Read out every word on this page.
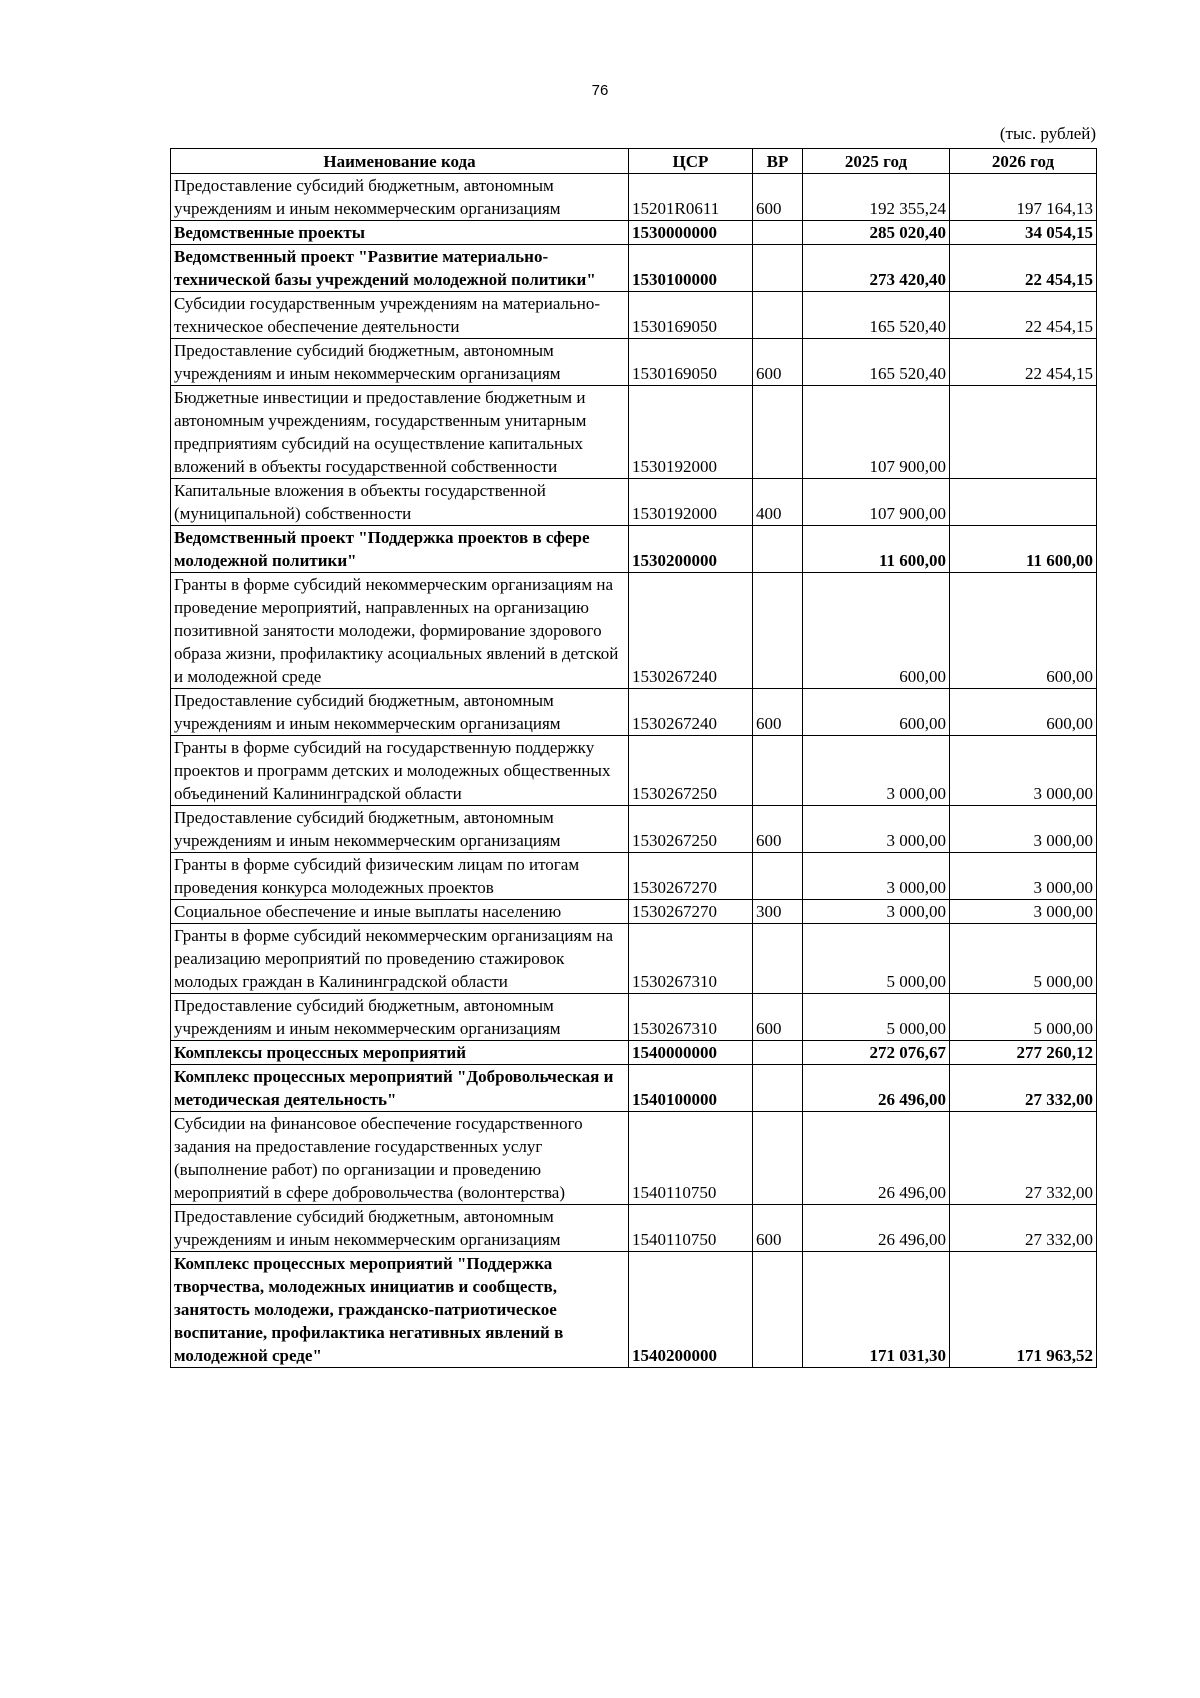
76
(тыс. рублей)
Наименование кода	ЦСР	ВР	2025 год	2026 год
Предоставление субсидий бюджетным, автономным учреждениям и иным некоммерческим организациям	15201R0611	600	192 355,24	197 164,13
Ведомственные проекты	1530000000		285 020,40	34 054,15
Ведомственный проект "Развитие материально-технической базы учреждений молодежной политики"	1530100000		273 420,40	22 454,15
Субсидии государственным учреждениям на материально-техническое обеспечение деятельности	1530169050		165 520,40	22 454,15
Предоставление субсидий бюджетным, автономным учреждениям и иным некоммерческим организациям	1530169050	600	165 520,40	22 454,15
Бюджетные инвестиции и предоставление бюджетным и автономным учреждениям, государственным унитарным предприятиям субсидий на осуществление капитальных вложений в объекты государственной собственности	1530192000		107 900,00	
Капитальные вложения в объекты государственной (муниципальной) собственности	1530192000	400	107 900,00	
Ведомственный проект "Поддержка проектов в сфере молодежной политики"	1530200000		11 600,00	11 600,00
Гранты в форме субсидий некоммерческим организациям на проведение мероприятий, направленных на организацию позитивной занятости молодежи, формирование здорового образа жизни, профилактику асоциальных явлений в детской и молодежной среде	1530267240		600,00	600,00
Предоставление субсидий бюджетным, автономным учреждениям и иным некоммерческим организациям	1530267240	600	600,00	600,00
Гранты в форме субсидий на государственную поддержку проектов и программ детских и молодежных общественных объединений Калининградской области	1530267250		3 000,00	3 000,00
Предоставление субсидий бюджетным, автономным учреждениям и иным некоммерческим организациям	1530267250	600	3 000,00	3 000,00
Гранты в форме субсидий физическим лицам по итогам проведения конкурса молодежных проектов	1530267270		3 000,00	3 000,00
Социальное обеспечение и иные выплаты населению	1530267270	300	3 000,00	3 000,00
Гранты в форме субсидий некоммерческим организациям на реализацию мероприятий по проведению стажировок молодых граждан в Калининградской области	1530267310		5 000,00	5 000,00
Предоставление субсидий бюджетным, автономным учреждениям и иным некоммерческим организациям	1530267310	600	5 000,00	5 000,00
Комплексы процессных мероприятий	1540000000		272 076,67	277 260,12
Комплекс процессных мероприятий "Добровольческая и методическая деятельность"	1540100000		26 496,00	27 332,00
Субсидии на финансовое обеспечение государственного задания на предоставление государственных услуг (выполнение работ) по организации и проведению мероприятий в сфере добровольчества (волонтерства)	1540110750		26 496,00	27 332,00
Предоставление субсидий бюджетным, автономным учреждениям и иным некоммерческим организациям	1540110750	600	26 496,00	27 332,00
Комплекс процессных мероприятий "Поддержка творчества, молодежных инициатив и сообществ, занятость молодежи, гражданско-патриотическое воспитание, профилактика негативных явлений в молодежной среде"	1540200000		171 031,30	171 963,52
